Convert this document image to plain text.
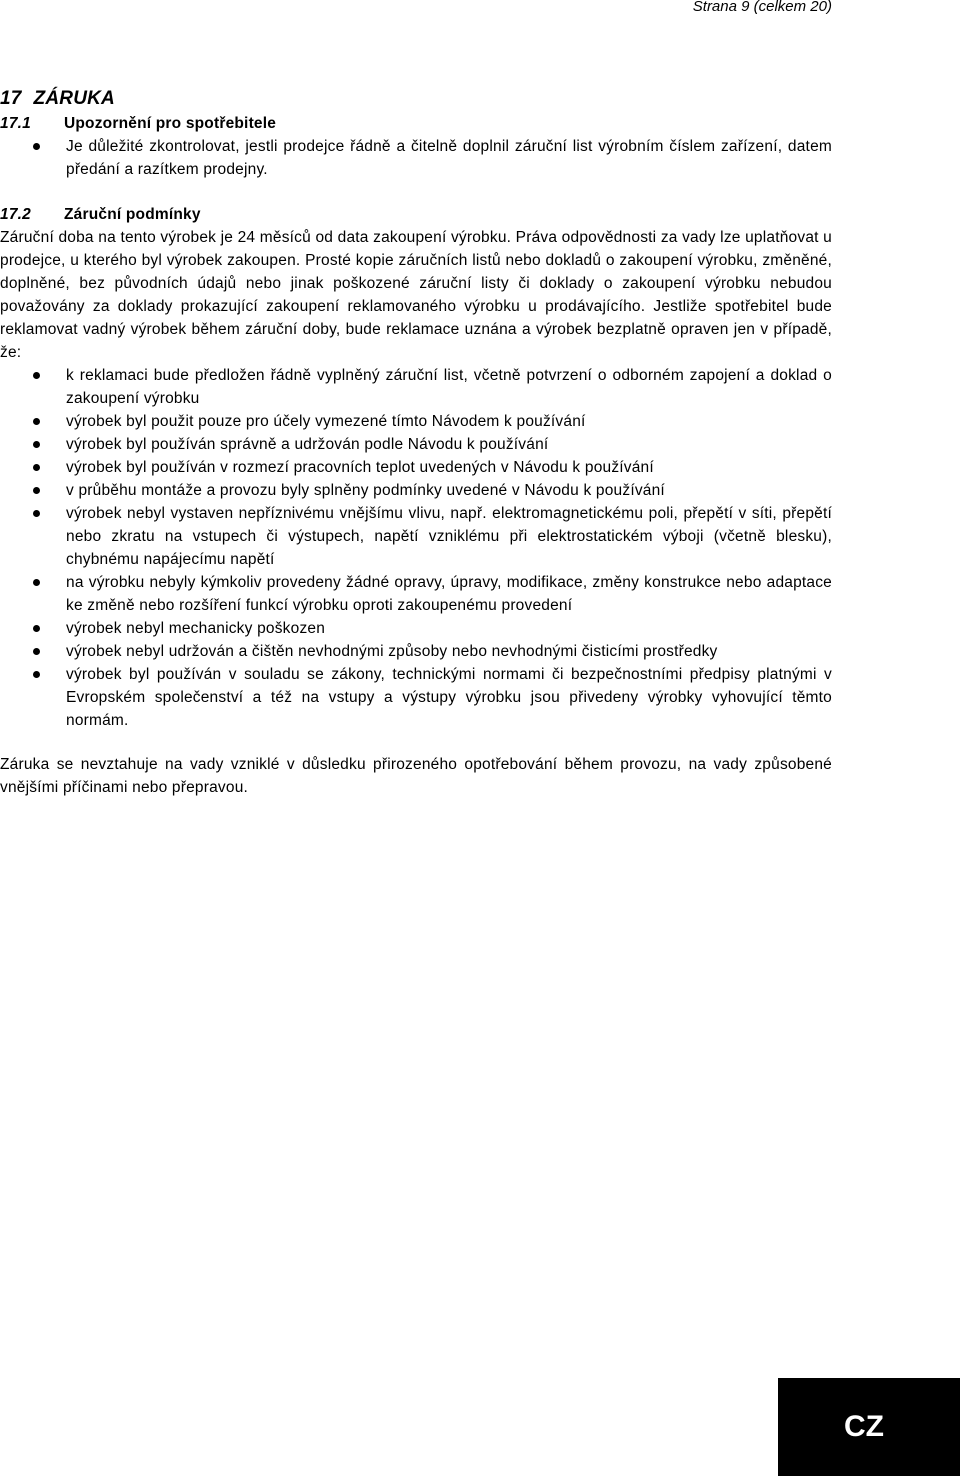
Strana 9 (celkem 20)
17 ZÁRUKA
17.1 Upozornění pro spotřebitele
Je důležité zkontrolovat, jestli prodejce řádně a čitelně doplnil záruční list výrobním číslem zařízení, datem předání a razítkem prodejny.
17.2 Záruční podmínky

Záruční doba na tento výrobek je 24 měsíců od data zakoupení výrobku. Práva odpovědnosti za vady lze uplatňovat u prodejce, u kterého byl výrobek zakoupen. Prosté kopie záručních listů nebo dokladů o zakoupení výrobku, změněné, doplněné, bez původních údajů nebo jinak poškozené záruční listy či doklady o zakoupení výrobku nebudou považovány za doklady prokazující zakoupení reklamovaného výrobku u prodávajícího. Jestliže spotřebitel bude reklamovat vadný výrobek během záruční doby, bude reklamace uznána a výrobek bezplatně opraven jen v případě, že:

k reklamaci bude předložen řádně vyplněný záruční list, včetně potvrzení o odborném zapojení a doklad o zakoupení výrobku
výrobek byl použit pouze pro účely vymezené tímto Návodem k používání
výrobek byl používán správně a udržován podle Návodu k používání
výrobek byl používán v rozmezí pracovních teplot uvedených v Návodu k používání
v průběhu montáže a provozu byly splněny podmínky uvedené v Návodu k používání
výrobek nebyl vystaven nepříznivému vnějšímu vlivu, např. elektromagnetickému poli, přepětí v síti, přepětí nebo zkratu na vstupech či výstupech, napětí vzniklému při elektrostatickém výboji (včetně blesku), chybnému napájecímu napětí
na výrobku nebyly kýmkoliv provedeny žádné opravy, úpravy, modifikace, změny konstrukce nebo adaptace ke změně nebo rozšíření funkcí výrobku oproti zakoupenému provedení
výrobek nebyl mechanicky poškozen
výrobek nebyl udržován a čištěn nevhodnými způsoby nebo nevhodnými čisticími prostředky
výrobek byl používán v souladu se zákony, technickými normami či bezpečnostními předpisy platnými v Evropském společenství a též na vstupy a výstupy výrobku jsou přivedeny výrobky vyhovující těmto normám.

Záruka se nevztahuje na vady vzniklé v důsledku přirozeného opotřebování během provozu, na vady způsobené vnějšími příčinami nebo přepravou.

CZ
